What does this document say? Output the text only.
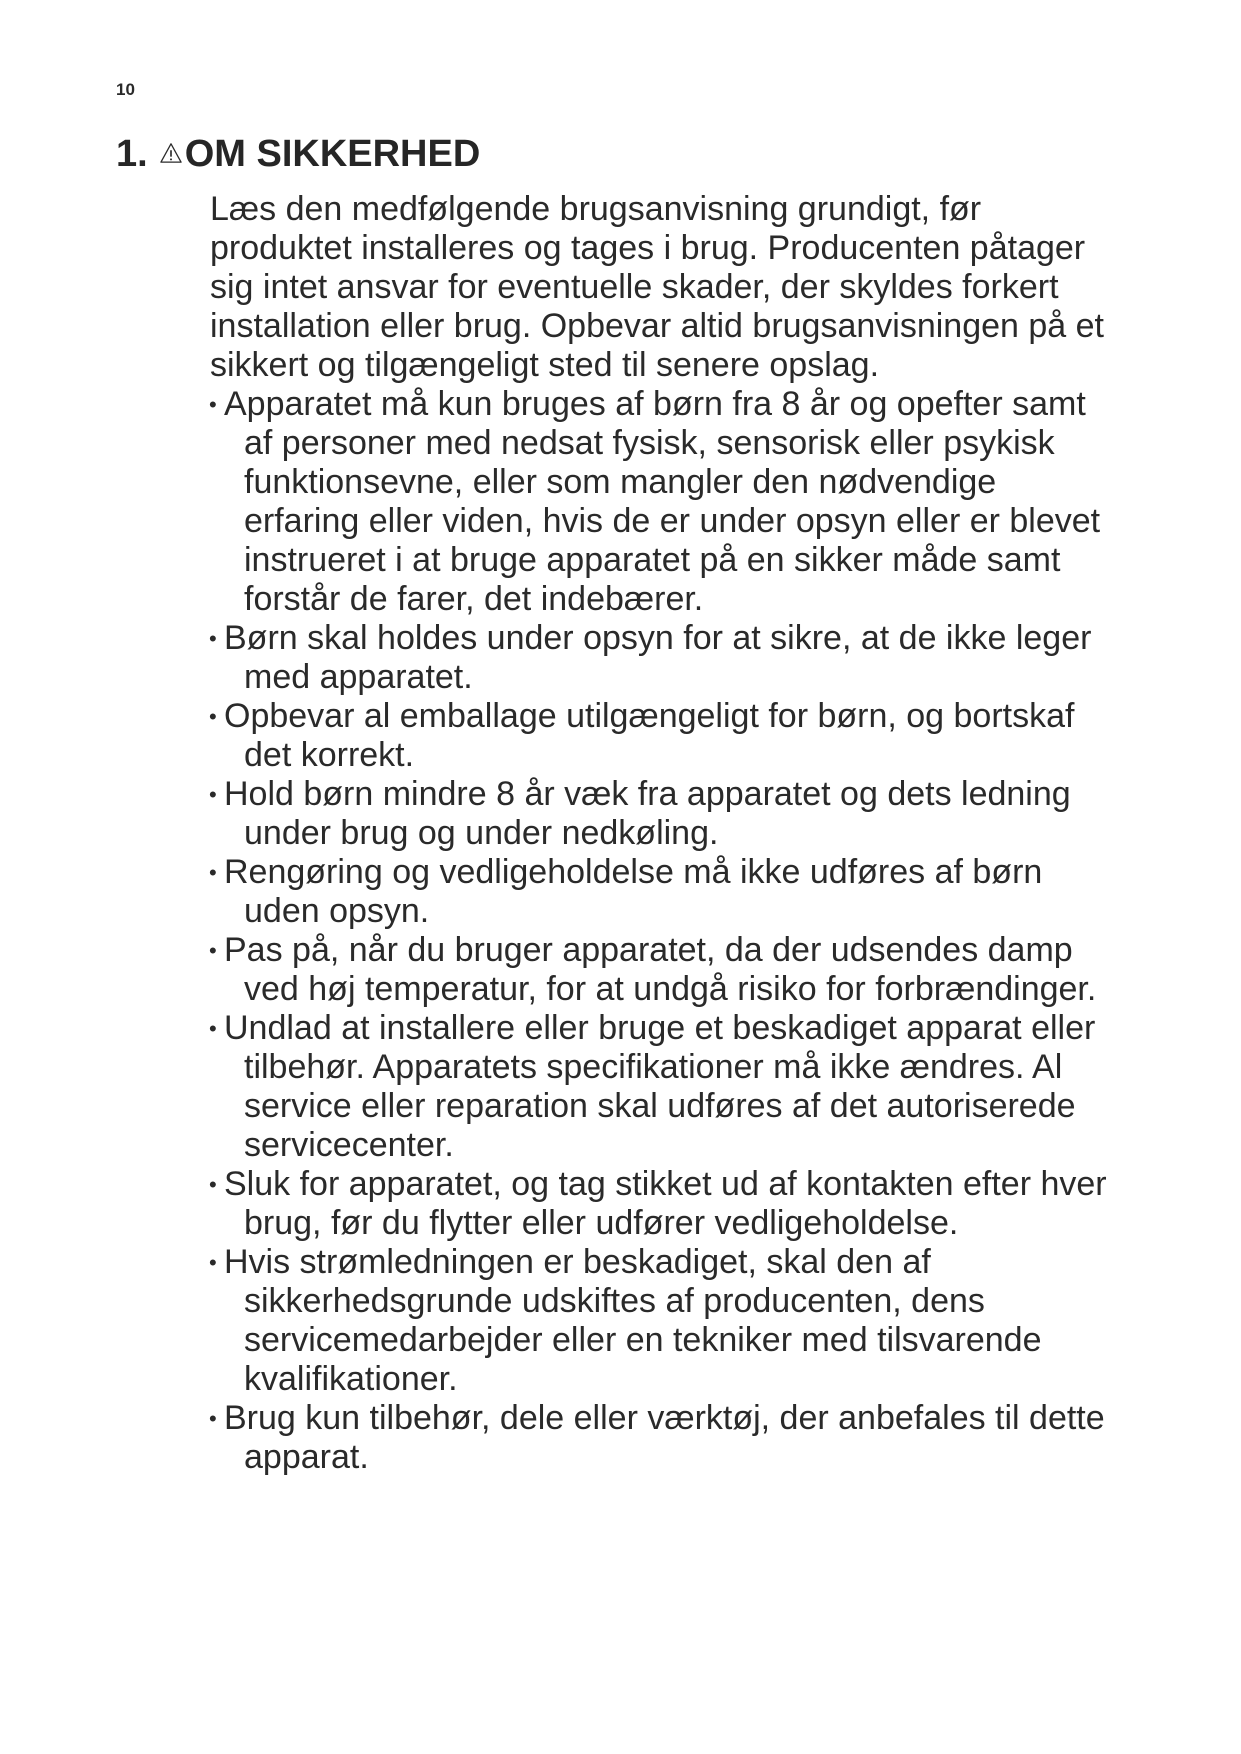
10
1. OM SIKKERHED

Læs den medfølgende brugsanvisning grundigt, før produktet installeres og tages i brug. Producenten påtager sig intet ansvar for eventuelle skader, der skyldes forkert installation eller brug. Opbevar altid brugsanvisningen på et sikkert og tilgængeligt sted til senere opslag.

• Apparatet må kun bruges af børn fra 8 år og opefter samt af personer med nedsat fysisk, sensorisk eller psykisk funktionsevne, eller som mangler den nødvendige erfaring eller viden, hvis de er under opsyn eller er blevet instrueret i at bruge apparatet på en sikker måde samt forstår de farer, det indebærer.
• Børn skal holdes under opsyn for at sikre, at de ikke leger med apparatet.
• Opbevar al emballage utilgængeligt for børn, og bortskaf det korrekt.
• Hold børn mindre 8 år væk fra apparatet og dets ledning under brug og under nedkøling.
• Rengøring og vedligeholdelse må ikke udføres af børn uden opsyn.
• Pas på, når du bruger apparatet, da der udsendes damp ved høj temperatur, for at undgå risiko for forbrændinger.
• Undlad at installere eller bruge et beskadiget apparat eller tilbehør. Apparatets specifikationer må ikke ændres. Al service eller reparation skal udføres af det autoriserede servicecenter.
• Sluk for apparatet, og tag stikket ud af kontakten efter hver brug, før du flytter eller udfører vedligeholdelse.
• Hvis strømledningen er beskadiget, skal den af sikkerhedsgrunde udskiftes af producenten, dens servicemedarbejder eller en tekniker med tilsvarende kvalifikationer.
• Brug kun tilbehør, dele eller værktøj, der anbefales til dette apparat.
